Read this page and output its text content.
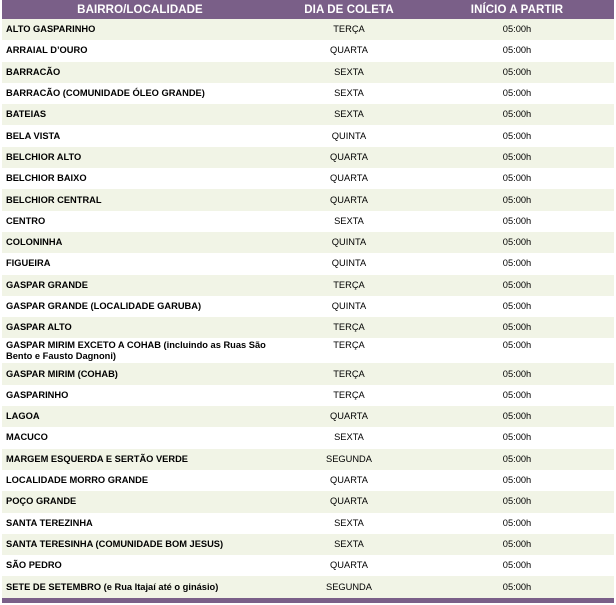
BAIRRO/LOCALIDADE	DIA DE COLETA	INÍCIO A PARTIR
ALTO GASPARINHO	TERÇA	05:00h
ARRAIAL D’OURO	QUARTA	05:00h
BARRACÃO	SEXTA	05:00h
BARRACÃO (COMUNIDADE ÓLEO GRANDE)	SEXTA	05:00h
BATEIAS	SEXTA	05:00h
BELA VISTA	QUINTA	05:00h
BELCHIOR ALTO	QUARTA	05:00h
BELCHIOR BAIXO	QUARTA	05:00h
BELCHIOR CENTRAL	QUARTA	05:00h
CENTRO	SEXTA	05:00h
COLONINHA	QUINTA	05:00h
FIGUEIRA	QUINTA	05:00h
GASPAR GRANDE	TERÇA	05:00h
GASPAR GRANDE (LOCALIDADE GARUBA)	QUINTA	05:00h
GASPAR ALTO	TERÇA	05:00h
GASPAR MIRIM EXCETO A COHAB (incluindo as Ruas São Bento e Fausto Dagnoni)	TERÇA	05:00h
GASPAR MIRIM (COHAB)	TERÇA	05:00h
GASPARINHO	TERÇA	05:00h
LAGOA	QUARTA	05:00h
MACUCO	SEXTA	05:00h
MARGEM ESQUERDA E SERTÃO VERDE	SEGUNDA	05:00h
LOCALIDADE MORRO GRANDE	QUARTA	05:00h
POÇO GRANDE	QUARTA	05:00h
SANTA TEREZINHA	SEXTA	05:00h
SANTA TERESINHA (COMUNIDADE BOM JESUS)	SEXTA	05:00h
SÃO PEDRO	QUARTA	05:00h
SETE DE SETEMBRO (e Rua Itajaí até o ginásio)	SEGUNDA	05:00h
